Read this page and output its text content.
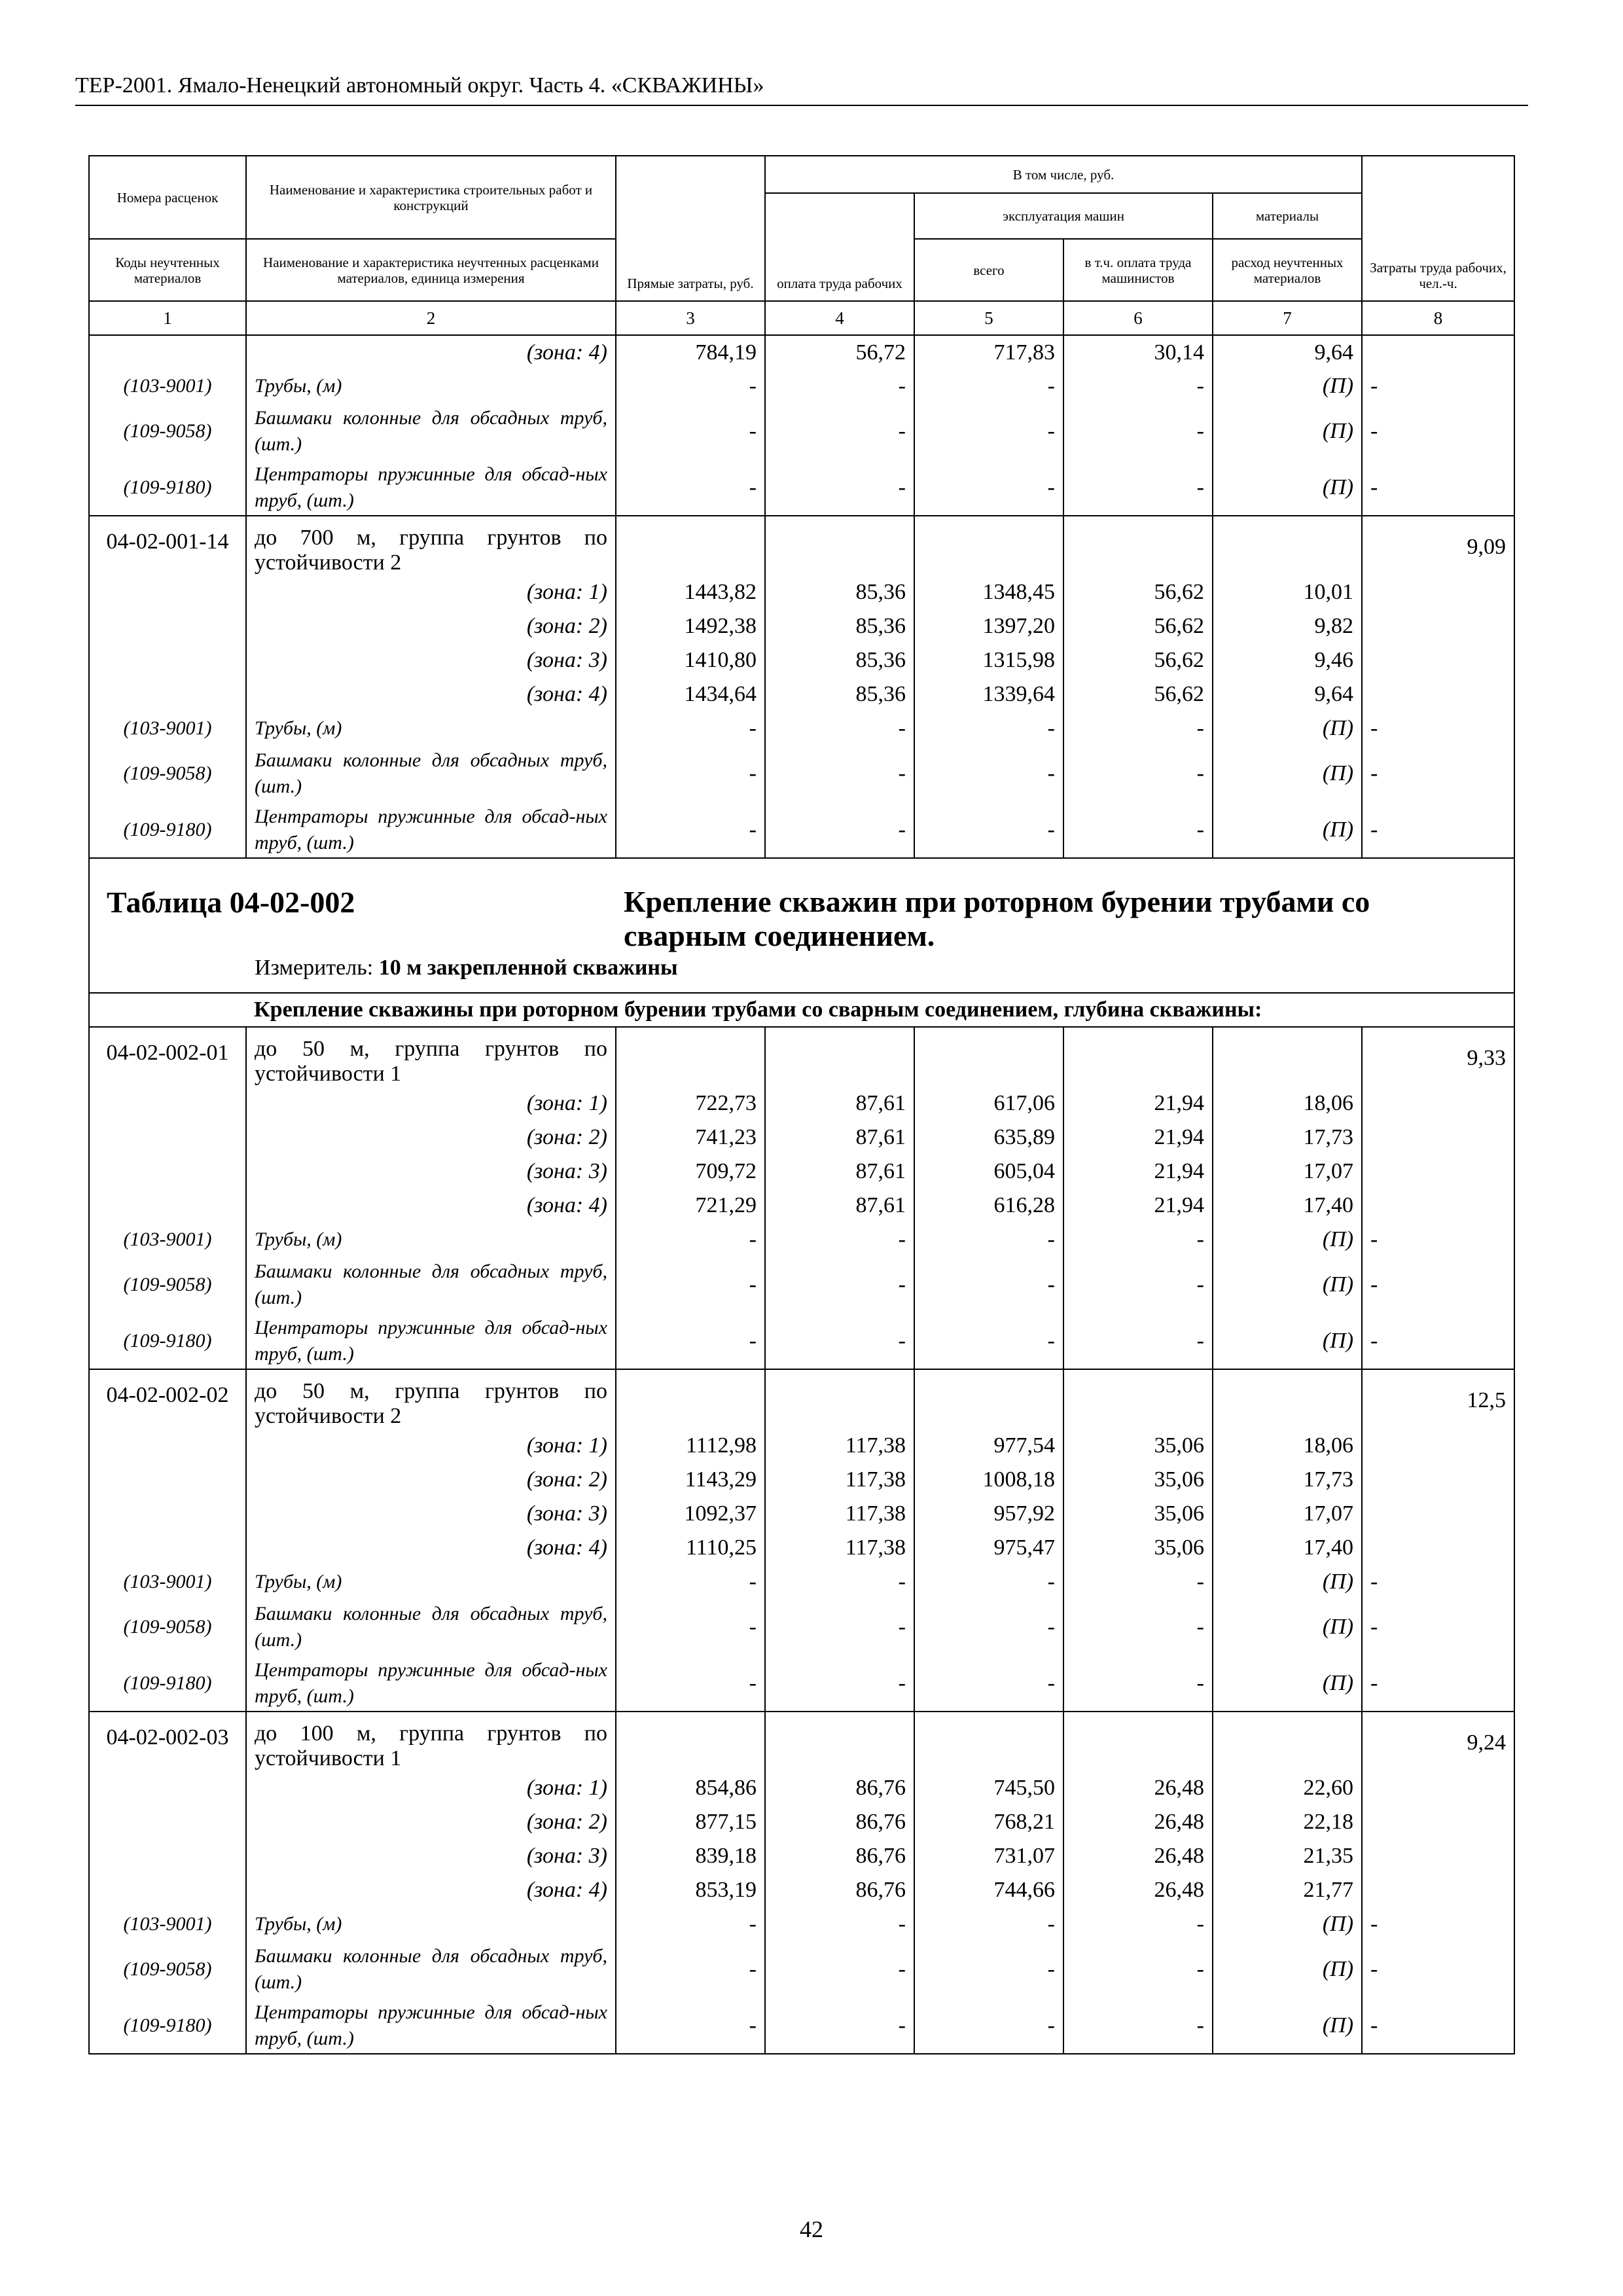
ТЕР-2001. Ямало-Ненецкий автономный округ. Часть 4. «СКВАЖИНЫ»
Номера расценок	Наименование и характеристика строительных работ и конструкций	Прямые затраты, руб.	В том числе, руб.				Затраты труда рабочих, чел.-ч.
			оплата труда рабочих	эксплуатация машин		материалы	
Коды неучтенных материалов	Наименование и характеристика неучтенных расценками материалов, единица измерения			всего	в т.ч. оплата труда машинистов	расход неучтенных материалов	
1	2	3	4	5	6	7	8
	(зона: 4)	784,19	56,72	717,83	30,14	9,64	
(103-9001)	Трубы, (м)	-	-	-	-	(П)	-
(109-9058)	Башмаки колонные для обсадных труб, (шт.)	-	-	-	-	(П)	-
(109-9180)	Центраторы пружинные для обсад-ных труб, (шт.)	-	-	-	-	(П)	-
04-02-001-14	до 700 м, группа грунтов по устойчивости 2						9,09
	(зона: 1)	1443,82	85,36	1348,45	56,62	10,01	
	(зона: 2)	1492,38	85,36	1397,20	56,62	9,82	
	(зона: 3)	1410,80	85,36	1315,98	56,62	9,46	
	(зона: 4)	1434,64	85,36	1339,64	56,62	9,64	
(103-9001)	Трубы, (м)	-	-	-	-	(П)	-
(109-9058)	Башмаки колонные для обсадных труб, (шт.)	-	-	-	-	(П)	-
(109-9180)	Центраторы пружинные для обсад-ных труб, (шт.)	-	-	-	-	(П)	-

Таблица 04-02-002 Крепление скважин при роторном бурении трубами со сварным соединением.
Измеритель: 10 м закрепленной скважины							

	Крепление скважины при роторном бурении трубами со сварным соединением, глубина скважины:						
04-02-002-01	до 50 м, группа грунтов по устойчивости 1						9,33
	(зона: 1)	722,73	87,61	617,06	21,94	18,06	
	(зона: 2)	741,23	87,61	635,89	21,94	17,73	
	(зона: 3)	709,72	87,61	605,04	21,94	17,07	
	(зона: 4)	721,29	87,61	616,28	21,94	17,40	
(103-9001)	Трубы, (м)	-	-	-	-	(П)	-
(109-9058)	Башмаки колонные для обсадных труб, (шт.)	-	-	-	-	(П)	-
(109-9180)	Центраторы пружинные для обсад-ных труб, (шт.)	-	-	-	-	(П)	-
04-02-002-02	до 50 м, группа грунтов по устойчивости 2						12,5
	(зона: 1)	1112,98	117,38	977,54	35,06	18,06	
	(зона: 2)	1143,29	117,38	1008,18	35,06	17,73	
	(зона: 3)	1092,37	117,38	957,92	35,06	17,07	
	(зона: 4)	1110,25	117,38	975,47	35,06	17,40	
(103-9001)	Трубы, (м)	-	-	-	-	(П)	-
(109-9058)	Башмаки колонные для обсадных труб, (шт.)	-	-	-	-	(П)	-
(109-9180)	Центраторы пружинные для обсад-ных труб, (шт.)	-	-	-	-	(П)	-
04-02-002-03	до 100 м, группа грунтов по устойчивости 1						9,24
	(зона: 1)	854,86	86,76	745,50	26,48	22,60	
	(зона: 2)	877,15	86,76	768,21	26,48	22,18	
	(зона: 3)	839,18	86,76	731,07	26,48	21,35	
	(зона: 4)	853,19	86,76	744,66	26,48	21,77	
(103-9001)	Трубы, (м)	-	-	-	-	(П)	-
(109-9058)	Башмаки колонные для обсадных труб, (шт.)	-	-	-	-	(П)	-
(109-9180)	Центраторы пружинные для обсад-ных труб, (шт.)	-	-	-	-	(П)	-

42
